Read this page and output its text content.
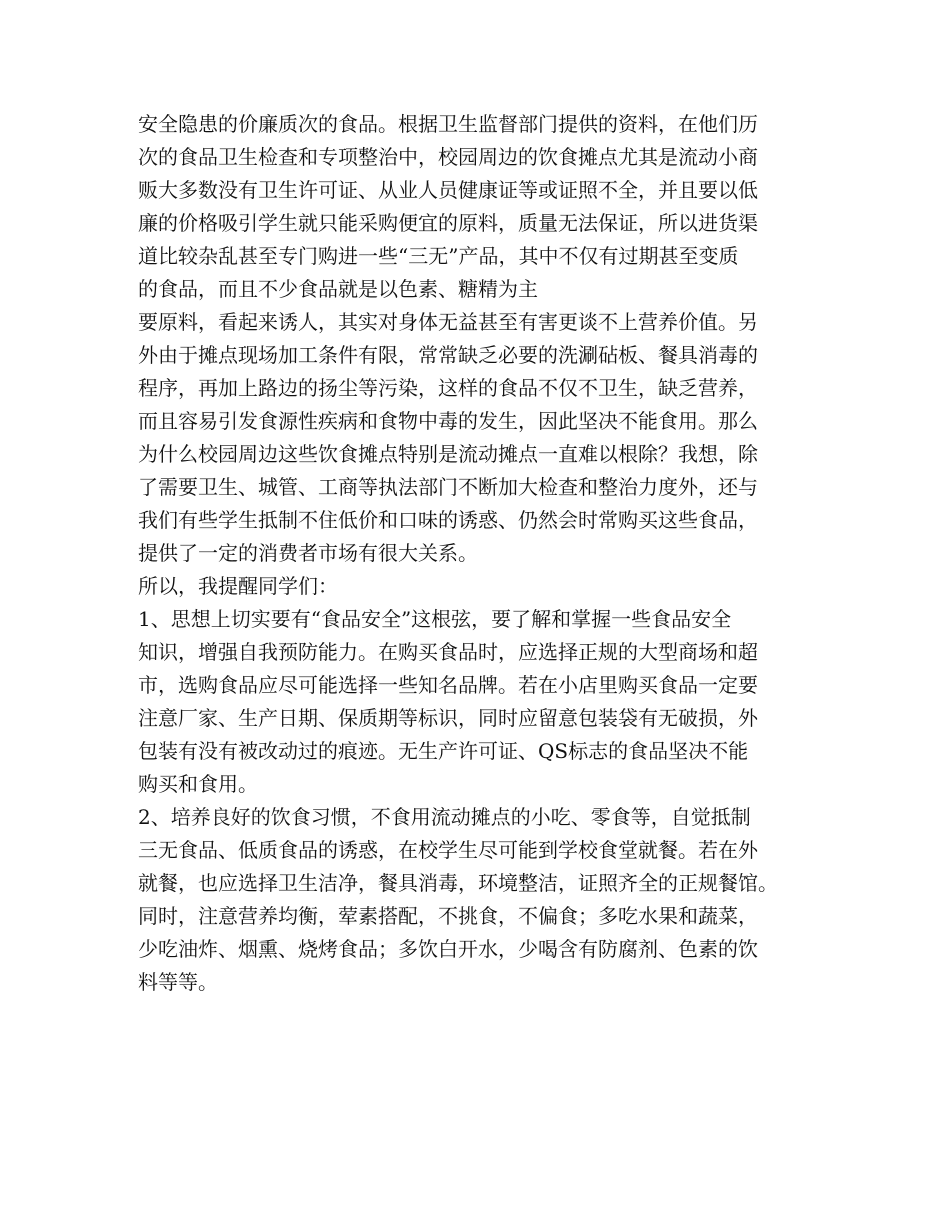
安全隐患的价廉质次的食品。根据卫生监督部门提供的资料，在他们历
次的食品卫生检查和专项整治中，校园周边的饮食摊点尤其是流动小商
贩大多数没有卫生许可证、从业人员健康证等或证照不全，并且要以低
廉的价格吸引学生就只能采购便宜的原料，质量无法保证，所以进货渠
道比较杂乱甚至专门购进一些“三无”产品，其中不仅有过期甚至变质
的食品，而且不少食品就是以色素、糖精为主
要原料，看起来诱人，其实对身体无益甚至有害更谈不上营养价值。另
外由于摊点现场加工条件有限，常常缺乏必要的洗涮砧板、餐具消毒的
程序，再加上路边的扬尘等污染，这样的食品不仅不卫生，缺乏营养，
而且容易引发食源性疾病和食物中毒的发生，因此坚决不能食用。那么
为什么校园周边这些饮食摊点特别是流动摊点一直难以根除？我想，除
了需要卫生、城管、工商等执法部门不断加大检查和整治力度外，还与
我们有些学生抵制不住低价和口味的诱惑、仍然会时常购买这些食品，
提供了一定的消费者市场有很大关系。
所以，我提醒同学们：
1、思想上切实要有“食品安全”这根弦，要了解和掌握一些食品安全
知识，增强自我预防能力。在购买食品时，应选择正规的大型商场和超
市，选购食品应尽可能选择一些知名品牌。若在小店里购买食品一定要
注意厂家、生产日期、保质期等标识，同时应留意包装袋有无破损，外
包装有没有被改动过的痕迹。无生产许可证、QS标志的食品坚决不能
购买和食用。
2、培养良好的饮食习惯，不食用流动摊点的小吃、零食等，自觉抵制
三无食品、低质食品的诱惑，在校学生尽可能到学校食堂就餐。若在外
就餐，也应选择卫生洁净，餐具消毒，环境整洁，证照齐全的正规餐馆。
同时，注意营养均衡，荤素搭配，不挑食，不偏食；多吃水果和蔬菜，
少吃油炸、烟熏、烧烤食品；多饮白开水，少喝含有防腐剂、色素的饮
料等等。
